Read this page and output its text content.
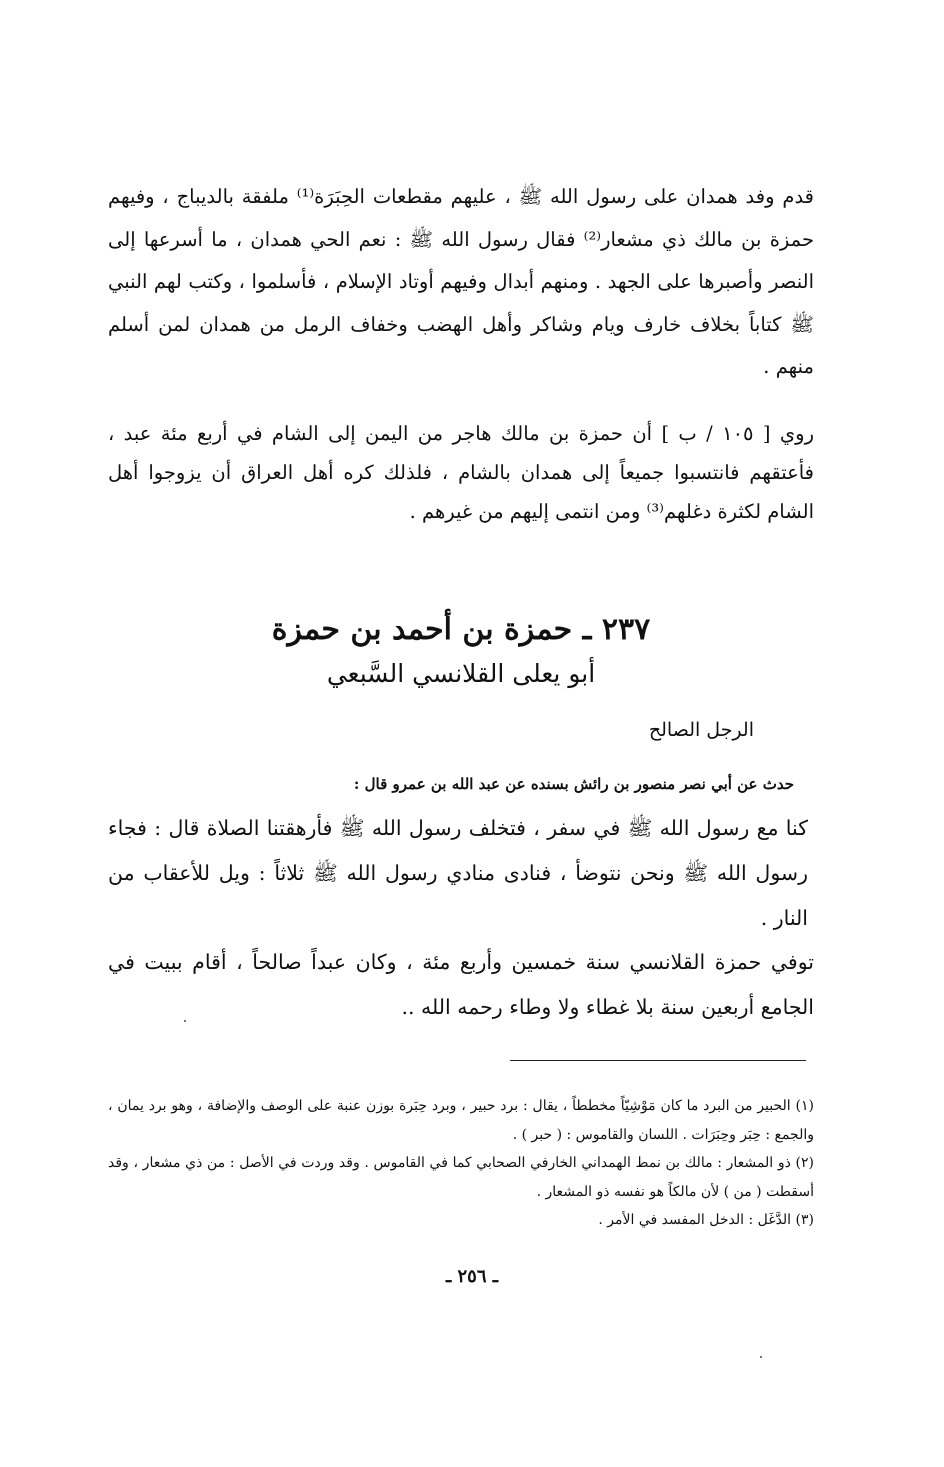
قدم وفد همدان على رسول الله ﷺ ، عليهم مقطعات الحِبَرَة⁽¹⁾ ملفقة بالديباج ، وفيهم حمزة بن مالك ذي مشعار⁽²⁾ فقال رسول الله ﷺ : نعم الحي همدان ، ما أسرعها إلى النصر وأصبرها على الجهد . ومنهم أبدال وفيهم أوتاد الإسلام ، فأسلموا ، وكتب لهم النبي ﷺ كتاباً بخلاف خارف ويام وشاكر وأهل الهضب وخفاف الرمل من همدان لمن أسلم منهم .
روي [ ١٠٥ / ب ] أن حمزة بن مالك هاجر من اليمن إلى الشام في أربع مئة عبد ، فأعتقهم فانتسبوا جميعاً إلى همدان بالشام ، فلذلك كره أهل العراق أن يزوجوا أهل الشام لكثرة دغلهم⁽³⁾ ومن انتمى إليهم من غيرهم .
٢٣٧ ـ حمزة بن أحمد بن حمزة
أبو يعلى القلانسي السَّبعي
الرجل الصالح
حدث عن أبي نصر منصور بن رائش بسنده عن عبد الله بن عمرو قال :
كنا مع رسول الله ﷺ في سفر ، فتخلف رسول الله ﷺ فأرهقتنا الصلاة قال : فجاء رسول الله ﷺ ونحن نتوضأ ، فنادى منادي رسول الله ﷺ ثلاثاً : ويل للأعقاب من النار .
توفي حمزة القلانسي سنة خمسين وأربع مئة ، وكان عبداً صالحاً ، أقام ببيت في الجامع أربعين سنة بلا غطاء ولا وطاء رحمه الله ..
(١) الحبير من البرد ما كان مَوْشِيّاً مخططاً ، يقال : برد حبير ، وبرد حِبَرة بوزن عنبة على الوصف والإضافة ، وهو برد يمان ، والجمع : حِبَر وحِبَرَات . اللسان والقاموس : ( حبر ) .
(٢) ذو المشعار : مالك بن نمط الهمداني الخارفي الصحابي كما في القاموس . وقد وردت في الأصل : من ذي مشعار ، وقد أسقطت ( من ) لأن مالكاً هو نفسه ذو المشعار .
(٣) الدَّغَل : الدخل المفسد في الأمر .
ـ ٢٥٦ ـ
